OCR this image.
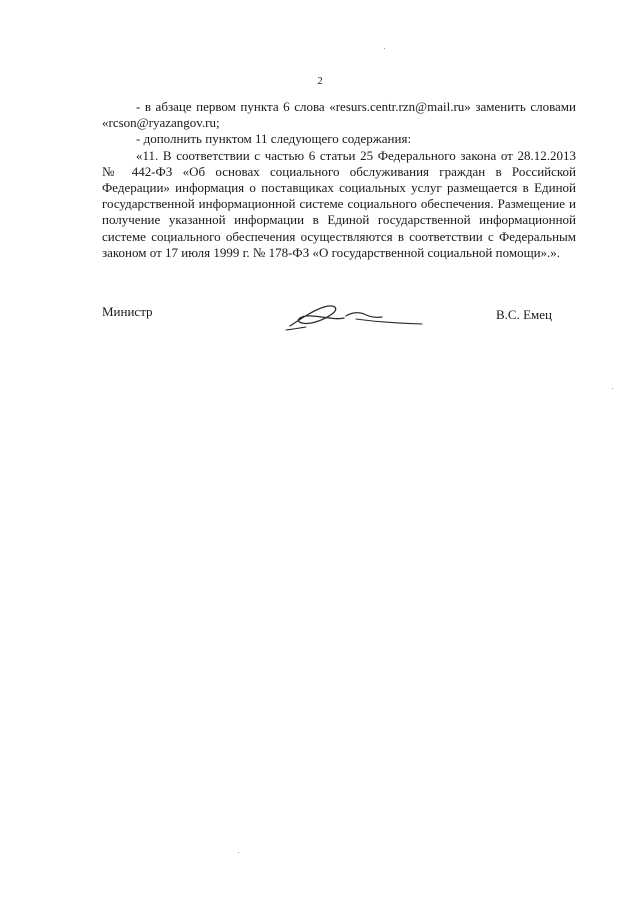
2

- в абзаце первом пункта 6 слова «resurs.centr.rzn@mail.ru» заменить словами «rcson@ryazangov.ru;

- дополнить пунктом 11 следующего содержания:

«11. В соответствии с частью 6 статьи 25 Федерального закона от 28.12.2013 № 442-ФЗ «Об основах социального обслуживания граждан в Российской Федерации» информация о поставщиках социальных услуг размещается в Единой государственной информационной системе социального обеспечения. Размещение и получение указанной информации в Единой государственной информационной системе социального обеспечения осуществляются в соответствии с Федеральным законом от 17 июля 1999 г. № 178-ФЗ «О государственной социальной помощи».».

Министр	В.С. Емец
